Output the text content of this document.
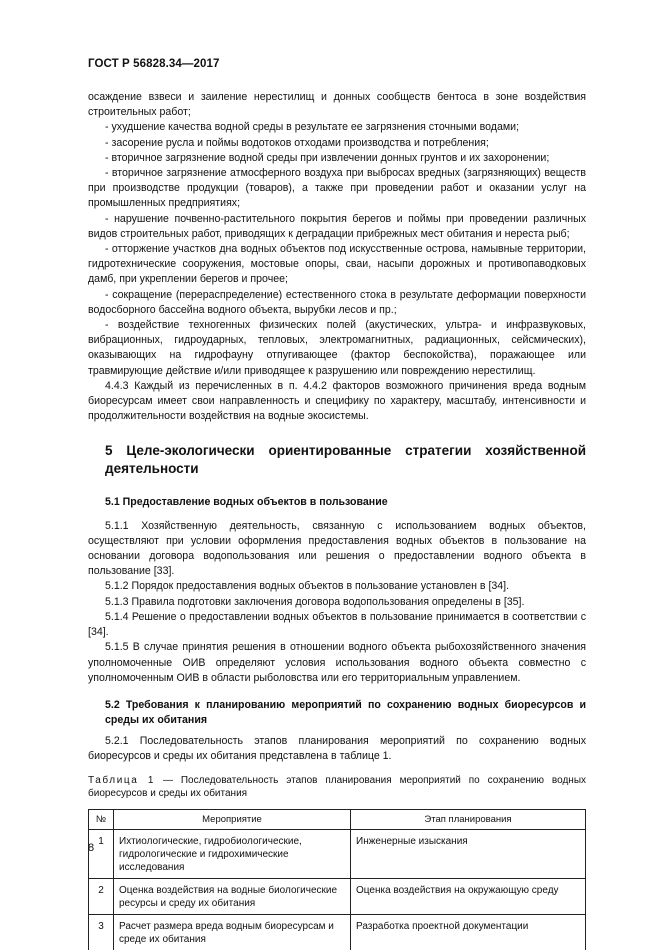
ГОСТ Р 56828.34—2017

осаждение взвеси и заиление нерестилищ и донных сообществ бентоса в зоне воздействия строительных работ;

- ухудшение качества водной среды в результате ее загрязнения сточными водами;

- засорение русла и поймы водотоков отходами производства и потребления;

- вторичное загрязнение водной среды при извлечении донных грунтов и их захоронении;

- вторичное загрязнение атмосферного воздуха при выбросах вредных (загрязняющих) веществ при производстве продукции (товаров), а также при проведении работ и оказании услуг на промышленных предприятиях;

- нарушение почвенно-растительного покрытия берегов и поймы при проведении различных видов строительных работ, приводящих к деградации прибрежных мест обитания и нереста рыб;

- отторжение участков дна водных объектов под искусственные острова, намывные территории, гидротехнические сооружения, мостовые опоры, сваи, насыпи дорожных и противопаводковых дамб, при укреплении берегов и прочее;

- сокращение (перераспределение) естественного стока в результате деформации поверхности водосборного бассейна водного объекта, вырубки лесов и пр.;

- воздействие техногенных физических полей (акустических, ультра- и инфразвуковых, вибрационных, гидроударных, тепловых, электромагнитных, радиационных, сейсмических), оказывающих на гидрофауну отпугивающее (фактор беспокойства), поражающее или травмирующие действие и/или приводящее к разрушению или повреждению нерестилищ.

4.4.3 Каждый из перечисленных в п. 4.4.2 факторов возможного причинения вреда водным биоресурсам имеет свои направленность и специфику по характеру, масштабу, интенсивности и продолжительности воздействия на водные экосистемы.

5 Целе-экологически ориентированные стратегии хозяйственной деятельности

5.1 Предоставление водных объектов в пользование

5.1.1 Хозяйственную деятельность, связанную с использованием водных объектов, осуществляют при условии оформления предоставления водных объектов в пользование на основании договора водопользования или решения о предоставлении водного объекта в пользование [33].

5.1.2 Порядок предоставления водных объектов в пользование установлен в [34].

5.1.3 Правила подготовки заключения договора водопользования определены в [35].

5.1.4 Решение о предоставлении водных объектов в пользование принимается в соответствии с [34].

5.1.5 В случае принятия решения в отношении водного объекта рыбохозяйственного значения уполномоченные ОИВ определяют условия использования водного объекта совместно с уполномоченным ОИВ в области рыболовства или его территориальным управлением.

5.2 Требования к планированию мероприятий по сохранению водных биоресурсов и среды их обитания

5.2.1 Последовательность этапов планирования мероприятий по сохранению водных биоресурсов и среды их обитания представлена в таблице 1.

Таблица 1 — Последовательность этапов планирования мероприятий по сохранению водных биоресурсов и среды их обитания

№	Мероприятие	Этап планирования
1	Ихтиологические, гидробиологические, гидрологические и гидрохимические исследования	Инженерные изыскания
2	Оценка воздействия на водные биологические ресурсы и среду их обитания	Оценка воздействия на окружающую среду
3	Расчет размера вреда водным биоресурсам и среде их обитания	Разработка проектной документации
8
